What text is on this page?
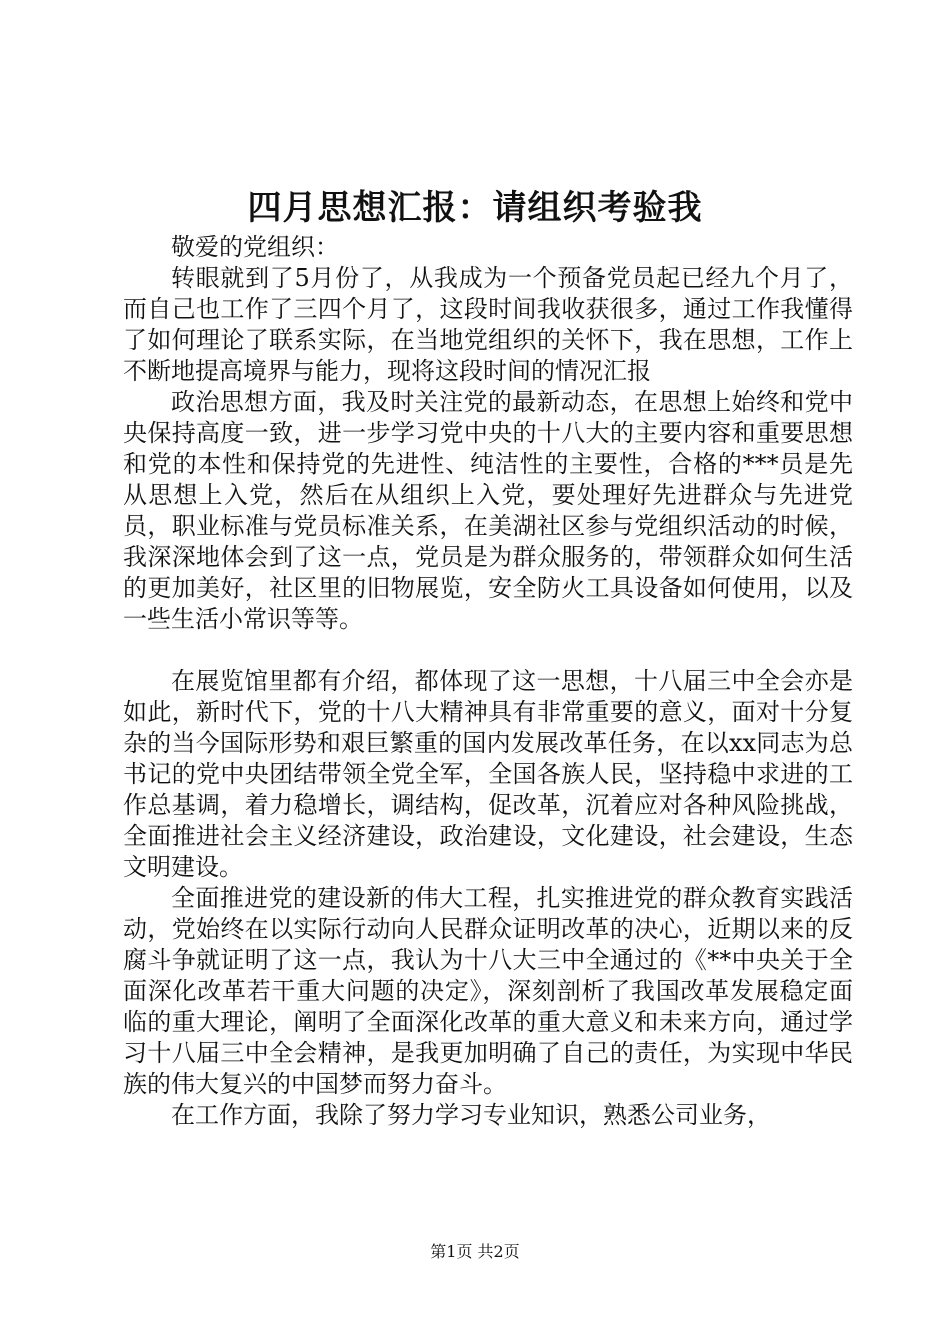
四月思想汇报：请组织考验我

敬爱的党组织：

转眼就到了5月份了，从我成为一个预备党员起已经九个月了，而自己也工作了三四个月了，这段时间我收获很多，通过工作我懂得了如何理论了联系实际，在当地党组织的关怀下，我在思想，工作上不断地提高境界与能力，现将这段时间的情况汇报

政治思想方面，我及时关注党的最新动态，在思想上始终和党中央保持高度一致，进一步学习党中央的十八大的主要内容和重要思想和党的本性和保持党的先进性、纯洁性的主要性，合格的***员是先从思想上入党，然后在从组织上入党，要处理好先进群众与先进党员，职业标准与党员标准关系，在美湖社区参与党组织活动的时候，我深深地体会到了这一点，党员是为群众服务的，带领群众如何生活的更加美好，社区里的旧物展览，安全防火工具设备如何使用，以及一些生活小常识等等。

在展览馆里都有介绍，都体现了这一思想，十八届三中全会亦是如此，新时代下，党的十八大精神具有非常重要的意义，面对十分复杂的当今国际形势和艰巨繁重的国内发展改革任务，在以xx同志为总书记的党中央团结带领全党全军，全国各族人民，坚持稳中求进的工作总基调，着力稳增长，调结构，促改革，沉着应对各种风险挑战，全面推进社会主义经济建设，政治建设，文化建设，社会建设，生态文明建设。

全面推进党的建设新的伟大工程，扎实推进党的群众教育实践活动，党始终在以实际行动向人民群众证明改革的决心，近期以来的反腐斗争就证明了这一点，我认为十八大三中全通过的《**中央关于全面深化改革若干重大问题的决定》，深刻剖析了我国改革发展稳定面临的重大理论，阐明了全面深化改革的重大意义和未来方向，通过学习十八届三中全会精神，是我更加明确了自己的责任，为实现中华民族的伟大复兴的中国梦而努力奋斗。

在工作方面，我除了努力学习专业知识，熟悉公司业务，

第1页 共2页
